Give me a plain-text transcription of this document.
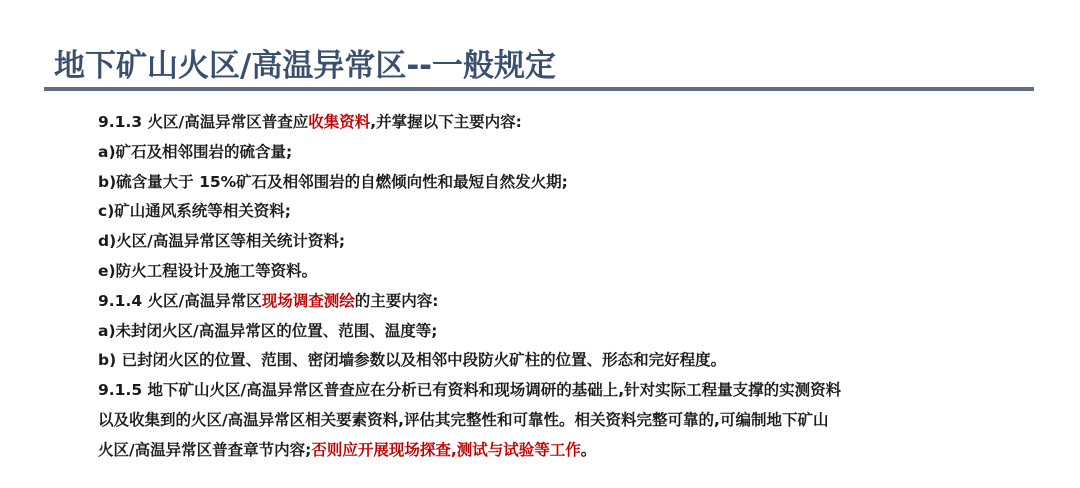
地下矿山火区/高温异常区--一般规定
9.1.3 火区/高温异常区普查应收集资料,并掌握以下主要内容:
a)矿石及相邻围岩的硫含量;
b)硫含量大于 15%矿石及相邻围岩的自燃倾向性和最短自然发火期;
c)矿山通风系统等相关资料;
d)火区/高温异常区等相关统计资料;
e)防火工程设计及施工等资料。
9.1.4 火区/高温异常区现场调查测绘的主要内容:
a)未封闭火区/高温异常区的位置、范围、温度等;
b) 已封闭火区的位置、范围、密闭墙参数以及相邻中段防火矿柱的位置、形态和完好程度。
9.1.5 地下矿山火区/高温异常区普查应在分析已有资料和现场调研的基础上,针对实际工程量支撑的实测资料
以及收集到的火区/高温异常区相关要素资料,评估其完整性和可靠性。相关资料完整可靠的,可编制地下矿山
火区/高温异常区普查章节内容;否则应开展现场探查,测试与试验等工作。
